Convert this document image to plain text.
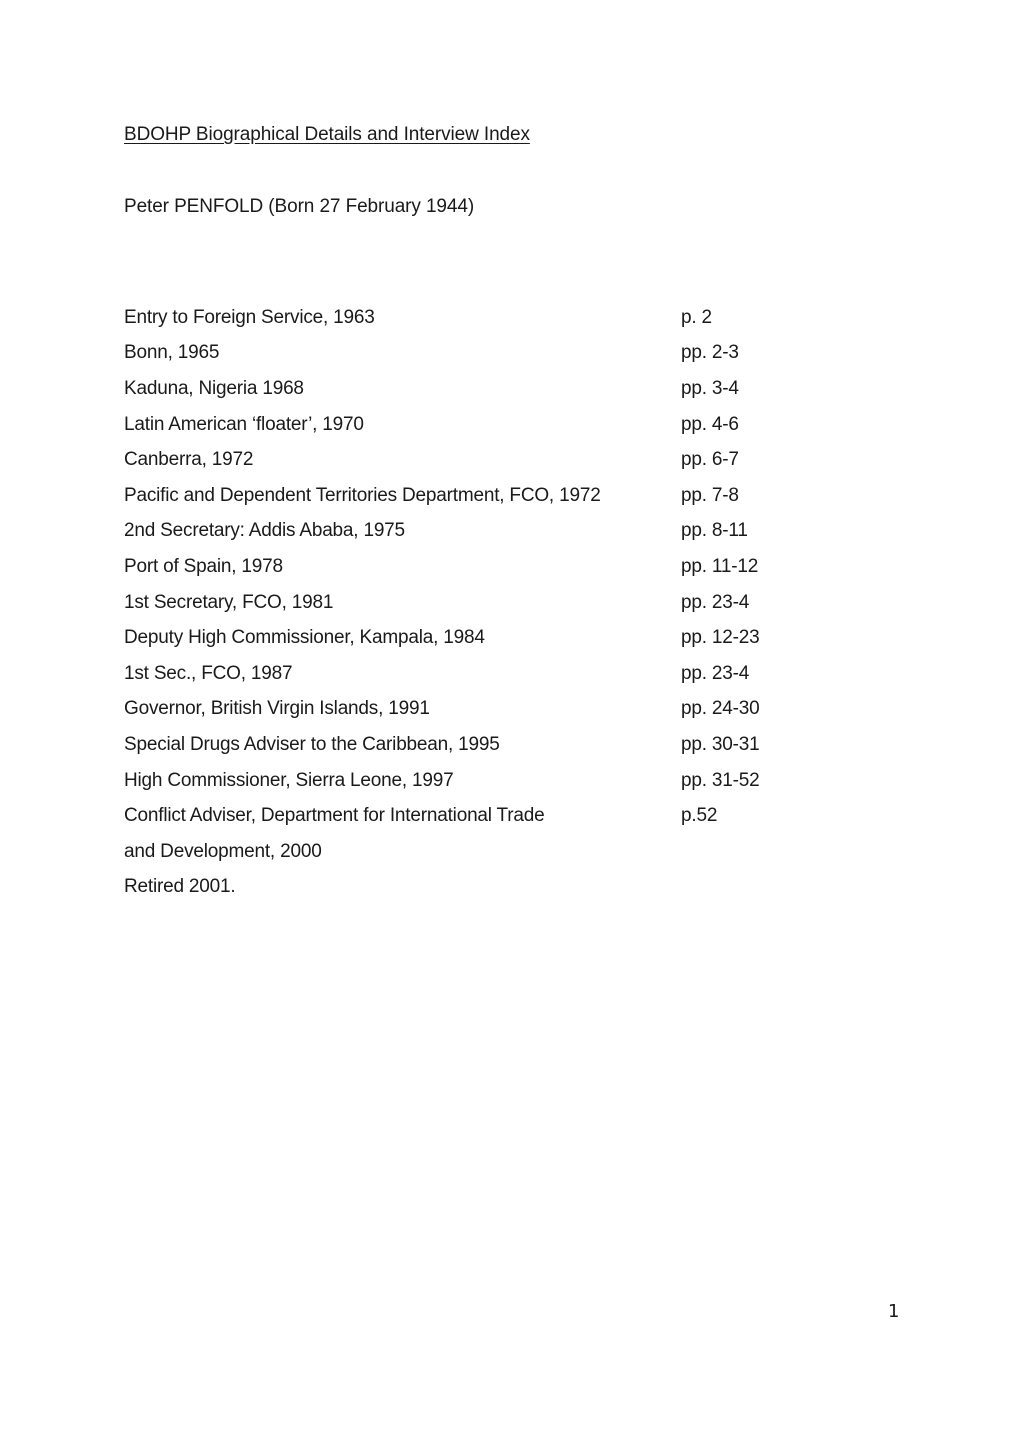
BDOHP Biographical Details and Interview Index
Peter PENFOLD (Born 27 February 1944)
Entry to Foreign Service, 1963	p. 2
Bonn, 1965	pp. 2-3
Kaduna, Nigeria 1968	pp. 3-4
Latin American ‘floater’, 1970	pp. 4-6
Canberra, 1972	pp. 6-7
Pacific and Dependent Territories Department, FCO, 1972	pp. 7-8
2nd Secretary: Addis Ababa, 1975	pp. 8-11
Port of Spain, 1978	pp. 11-12
1st Secretary, FCO, 1981	pp. 23-4
Deputy High Commissioner, Kampala, 1984	pp. 12-23
1st Sec., FCO, 1987	pp. 23-4
Governor, British Virgin Islands, 1991	pp. 24-30
Special Drugs Adviser to the Caribbean, 1995	pp. 30-31
High Commissioner, Sierra Leone, 1997	pp. 31-52
Conflict Adviser, Department for International Trade	p.52
and Development, 2000
Retired 2001.
1
